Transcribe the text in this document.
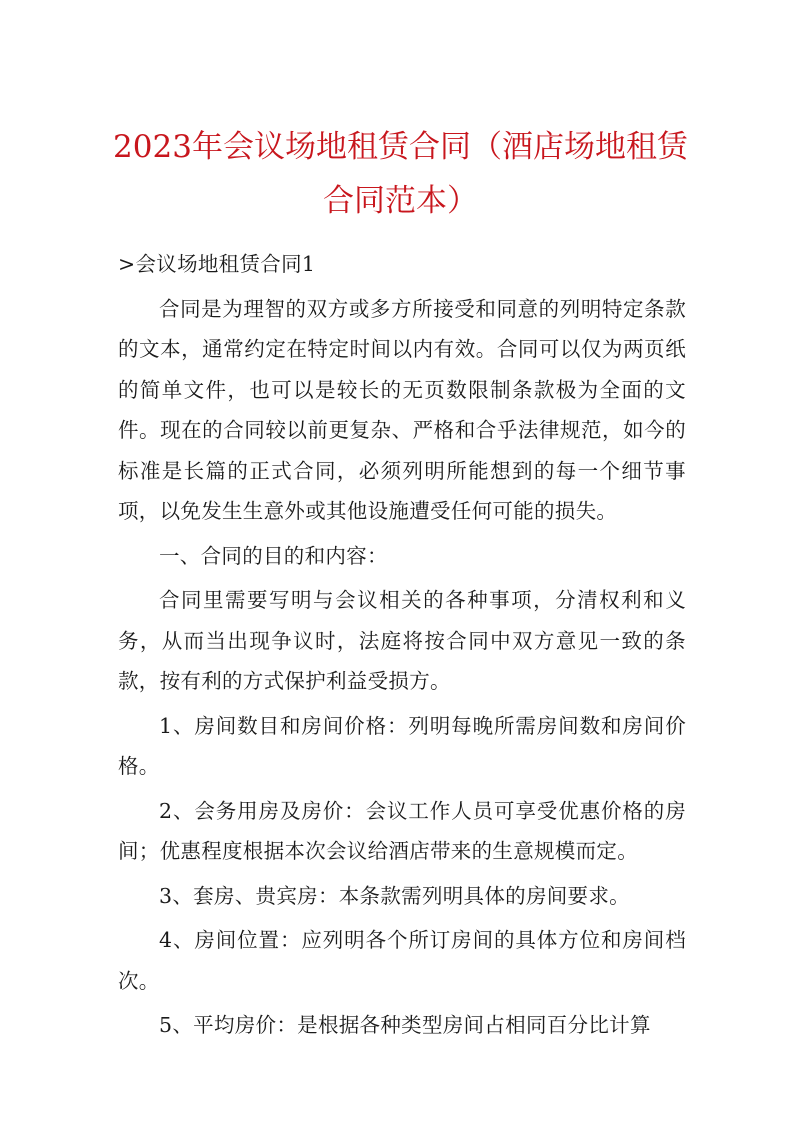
2023年会议场地租赁合同（酒店场地租赁合同范本）

>会议场地租赁合同1

合同是为理智的双方或多方所接受和同意的列明特定条款的文本，通常约定在特定时间以内有效。合同可以仅为两页纸的简单文件，也可以是较长的无页数限制条款极为全面的文件。现在的合同较以前更复杂、严格和合乎法律规范，如今的标准是长篇的正式合同，必须列明所能想到的每一个细节事项，以免发生生意外或其他设施遭受任何可能的损失。

一、合同的目的和内容：

合同里需要写明与会议相关的各种事项，分清权利和义务，从而当出现争议时，法庭将按合同中双方意见一致的条款，按有利的方式保护利益受损方。

1、房间数目和房间价格：列明每晚所需房间数和房间价格。

2、会务用房及房价：会议工作人员可享受优惠价格的房间；优惠程度根据本次会议给酒店带来的生意规模而定。

3、套房、贵宾房：本条款需列明具体的房间要求。

4、房间位置：应列明各个所订房间的具体方位和房间档次。

5、平均房价：是根据各种类型房间占相同百分比计算
